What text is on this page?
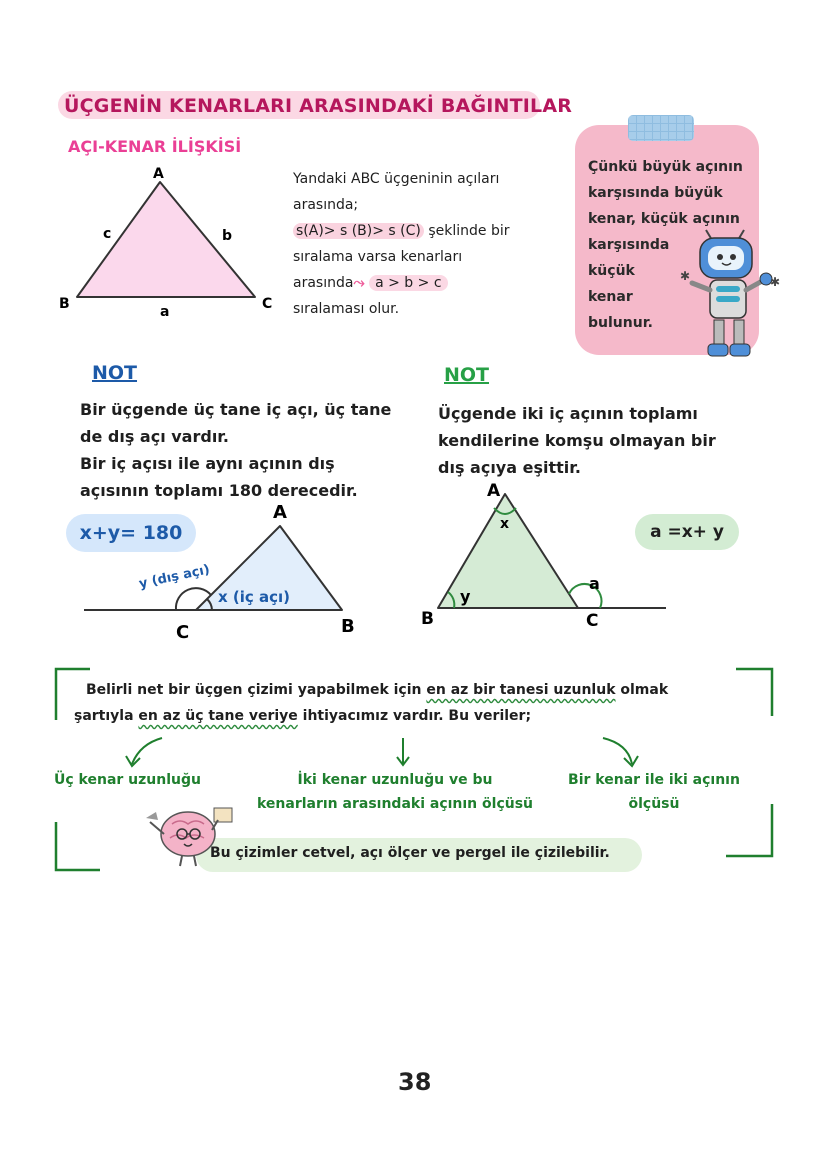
ÜÇGENİN KENARLARI ARASINDAKİ BAĞINTILAR
AÇI-KENAR İLİŞKİSİ
A
B	C
a
b
c

Yandaki ABC üçgeninin açıları

arasında;

s(A)> s (B)> s (C) şeklinde bir

sıralama varsa kenarları

arasında⤳ a > b > c

sıralaması olur.

Çünkü büyük açının

karşısında büyük

kenar, küçük açının

karşısında

küçük

kenar

bulunur.

✱	✱
NOT

Bir üçgende üç tane iç açı, üç tane

de dış açı vardır.

Bir iç açısı ile aynı açının dış

açısının toplamı 180 derecedir.

NOT

Üçgende iki iç açının toplamı

kendilerine komşu olmayan bir

dış açıya eşittir.

x+y= 180	a =x+ y
A
C	B
y (dış açı)
x (iç açı)
A
B	C
x
y
a

Belirli net bir üçgen çizimi yapabilmek için en az bir tanesi uzunluk olmak

şartıyla en az üç tane veriye ihtiyacımız vardır. Bu veriler;

Üç kenar uzunluğu	İki kenar uzunluğu ve bu
kenarların arasındaki açının ölçüsü
Bir kenar ile iki açının
ölçüsü
Bu çizimler cetvel, açı ölçer ve pergel ile çizilebilir.
38
